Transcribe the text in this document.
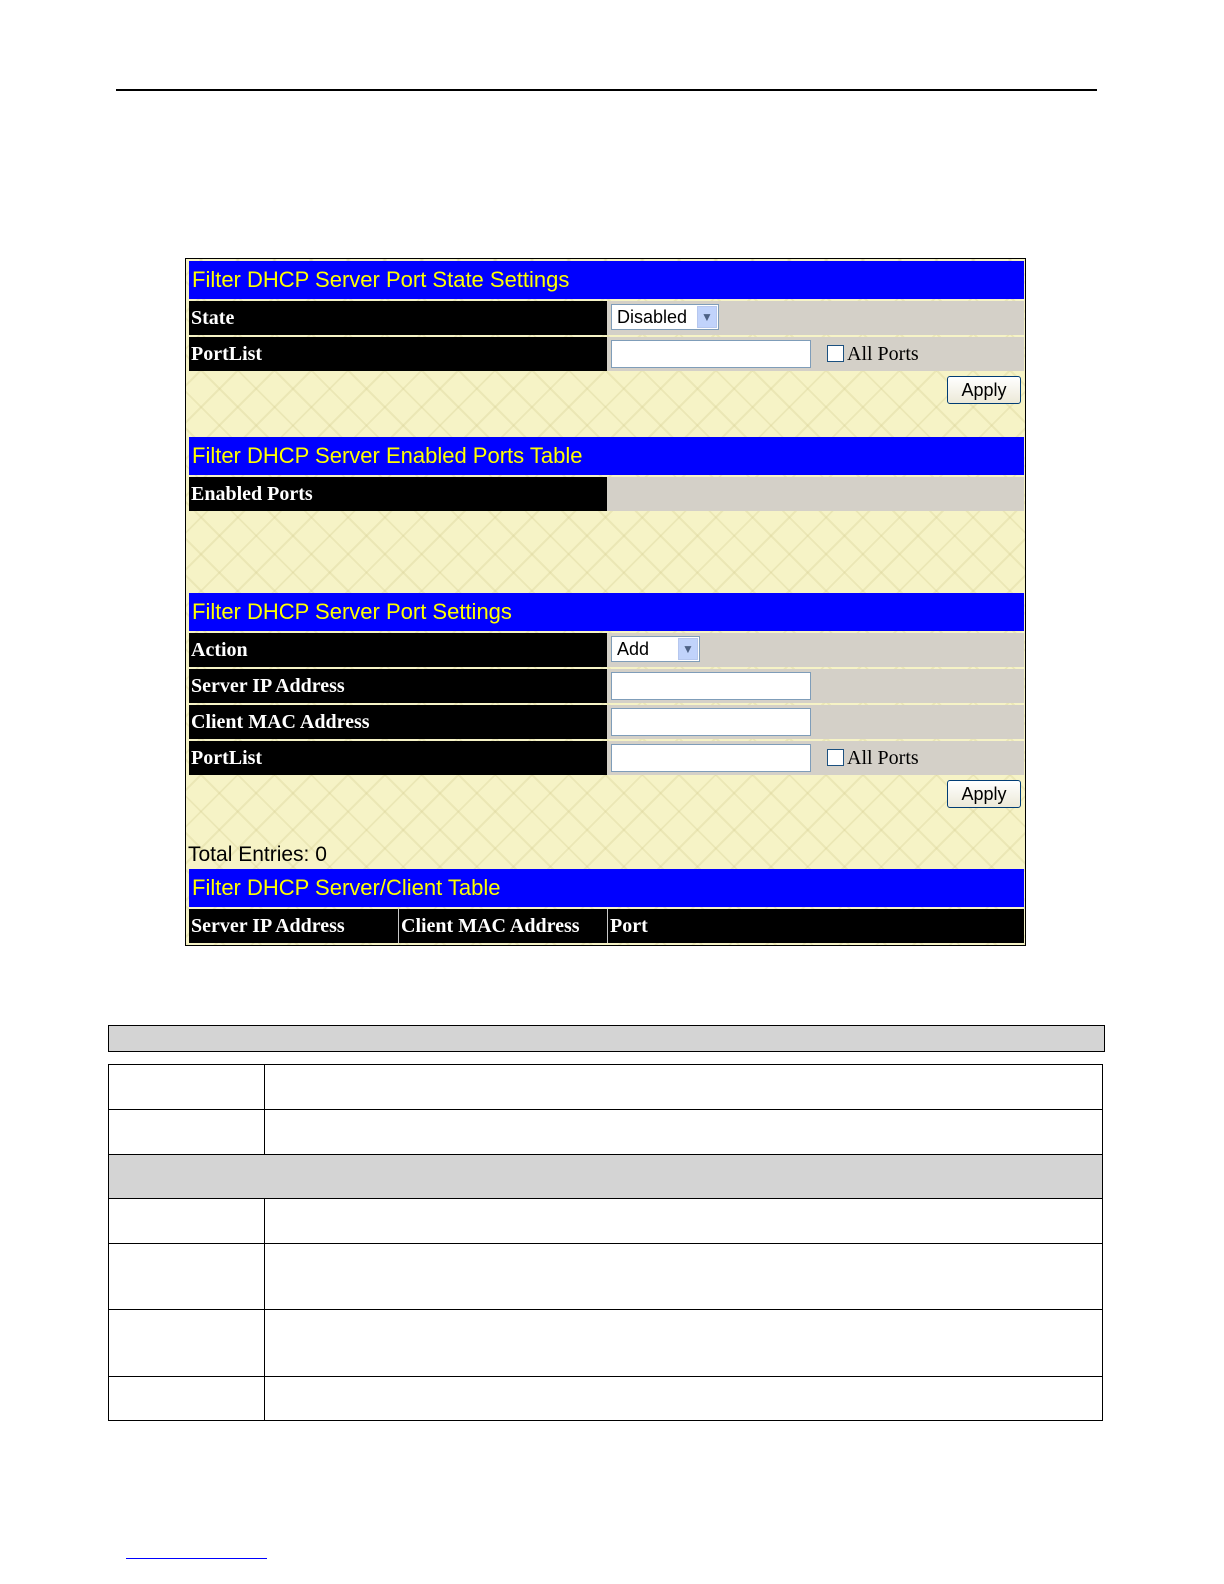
Filter DHCP Server Port State Settings
State	Disabled	▼
PortList	All Ports
Apply
Filter DHCP Server Enabled Ports Table
Enabled Ports
Filter DHCP Server Port Settings
Action	Add	▼
Server IP Address
Client MAC Address
PortList	All Ports
Apply
Total Entries: 0
Filter DHCP Server/Client Table
Server IP Address	Client MAC Address	Port
